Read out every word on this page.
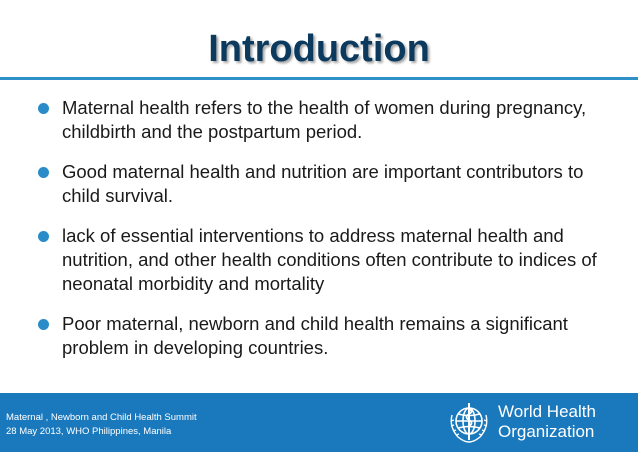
Introduction
Maternal health refers to the health of women during pregnancy, childbirth and the postpartum period.
Good maternal health and nutrition are important contributors to child survival.
lack of essential interventions to address maternal health and nutrition, and other health conditions often contribute to indices of neonatal morbidity and mortality
Poor maternal, newborn and child health remains a significant problem in developing countries.
Maternal , Newborn and Child Health Summit
28 May 2013, WHO Philippines, Manila
World Health
Organization
